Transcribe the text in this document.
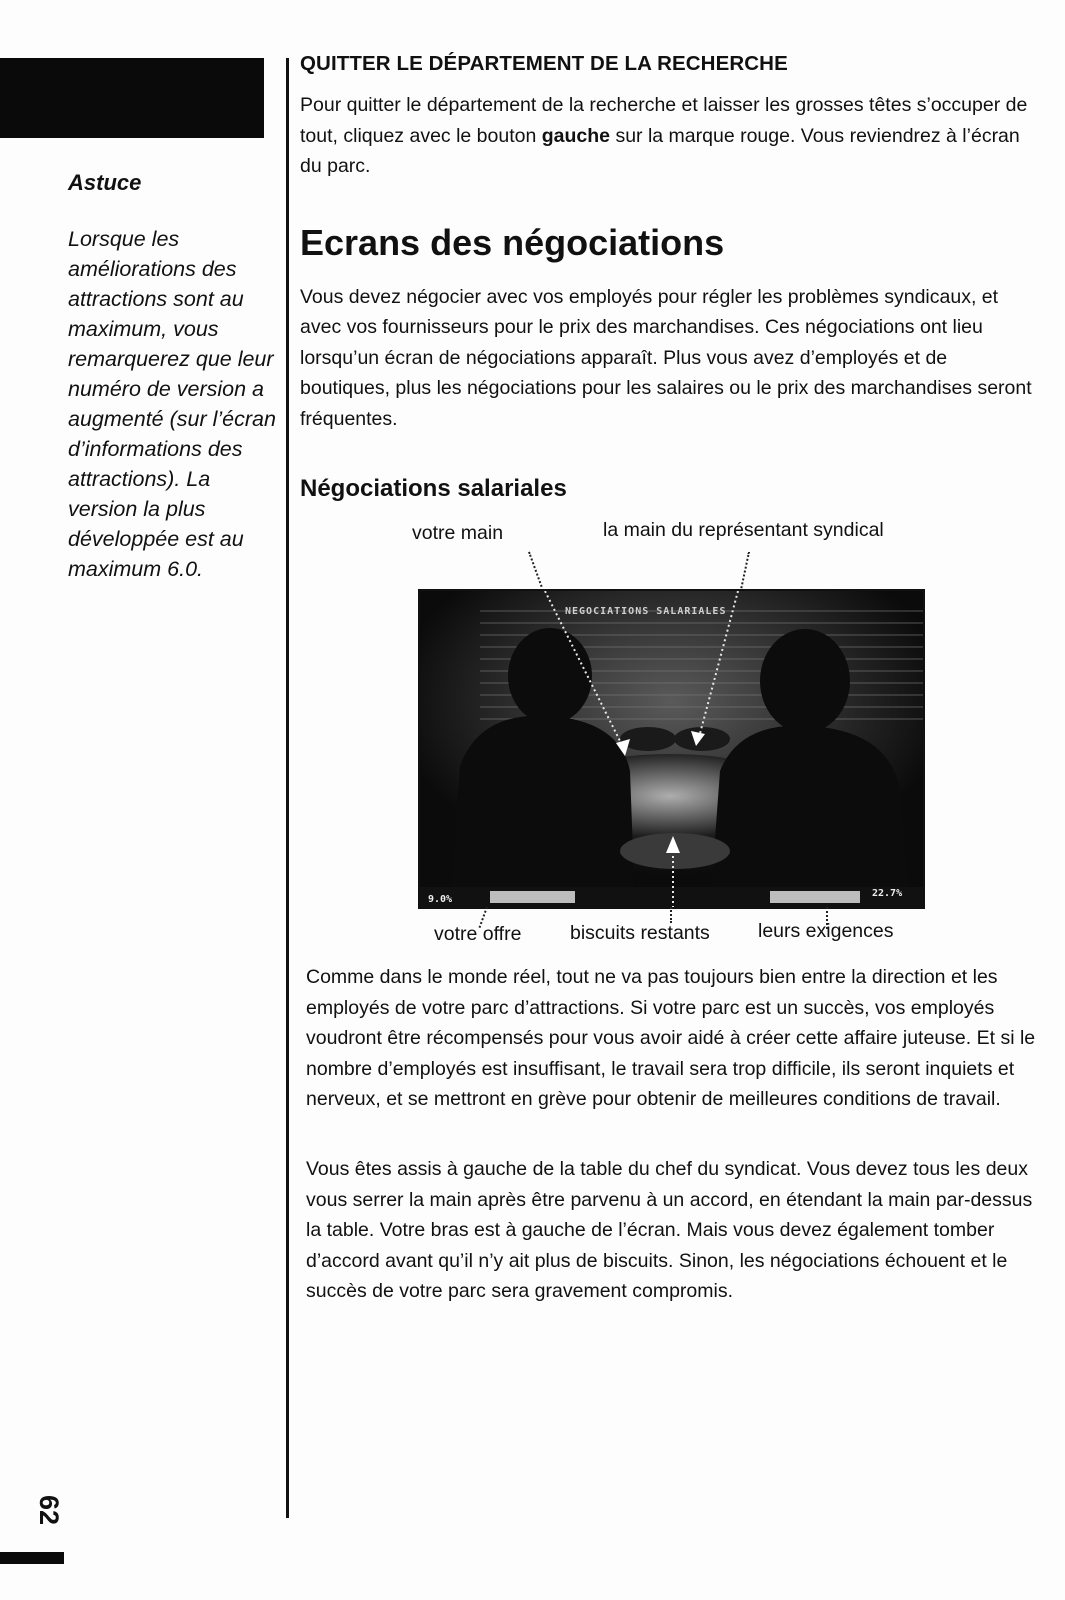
62

Astuce

Lorsque les améliorations des attractions sont au maximum, vous remarquerez que leur numéro de version a augmenté (sur l’écran d’informations des attractions). La version la plus développée est au maximum 6.0.

QUITTER LE DÉPARTEMENT DE LA RECHERCHE

Pour quitter le département de la recherche et laisser les grosses têtes s’occuper de tout, cliquez avec le bouton gauche sur la marque rouge. Vous reviendrez à l’écran du parc.

Ecrans des négociations

Vous devez négocier avec vos employés pour régler les problèmes syndicaux, et avec vos fournisseurs pour le prix des marchandises. Ces négociations ont lieu lorsqu’un écran de négociations apparaît. Plus vous avez d’employés et de boutiques, plus les négociations pour les salaires ou le prix des marchandises seront fréquentes.

Négociations salariales
votre main	la main du représentant syndical
votre offre biscuits restants leurs exigences
NEGOCIATIONS SALARIALES
9.0%
22.7%

Comme dans le monde réel, tout ne va pas toujours bien entre la direction et les employés de votre parc d’attractions. Si votre parc est un succès, vos employés voudront être récompensés pour vous avoir aidé à créer cette affaire juteuse. Et si le nombre d’employés est insuffisant, le travail sera trop difficile, ils seront inquiets et nerveux, et se mettront en grève pour obtenir de meilleures conditions de travail.

Vous êtes assis à gauche de la table du chef du syndicat. Vous devez tous les deux vous serrer la main après être parvenu à un accord, en étendant la main par-dessus la table. Votre bras est à gauche de l’écran. Mais vous devez également tomber d’accord avant qu’il n’y ait plus de biscuits. Sinon, les négociations échouent et le succès de votre parc sera gravement compromis.
